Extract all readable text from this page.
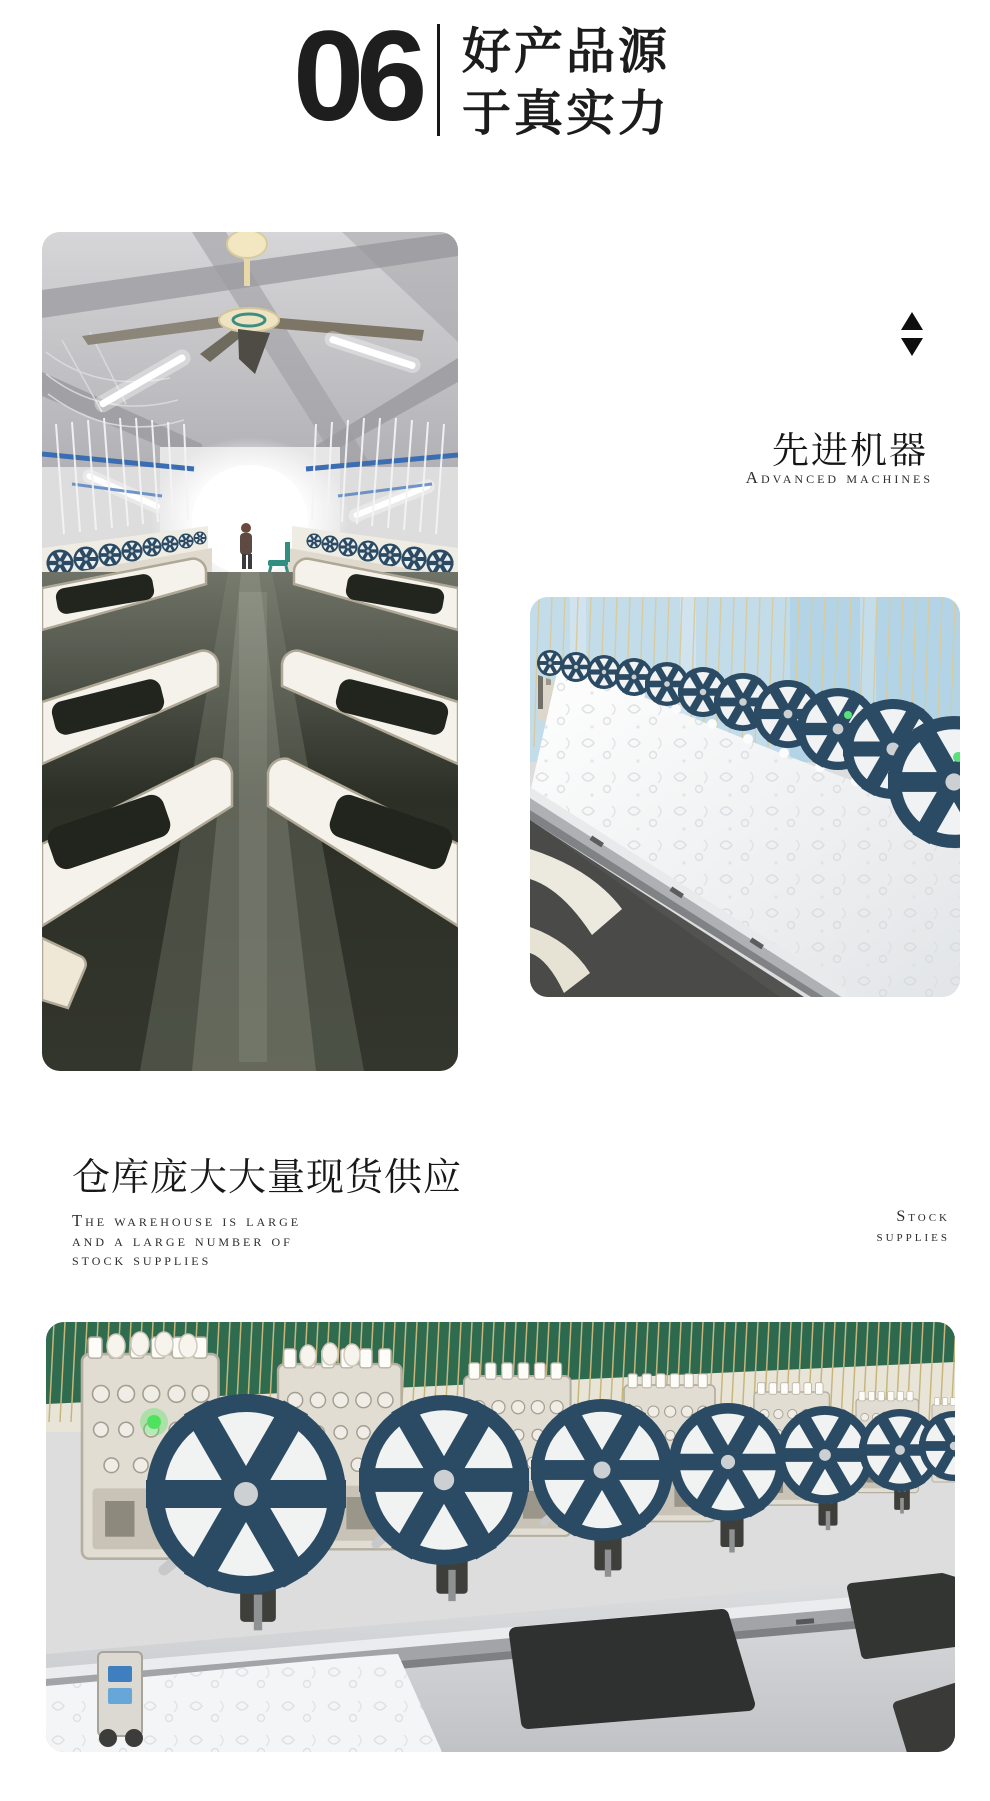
06 好产品源
于真实力
先进机器
Advanced machines
仓库庞大大量现货供应
The warehouse is large
and a large number of
stock supplies
Stock
supplies
